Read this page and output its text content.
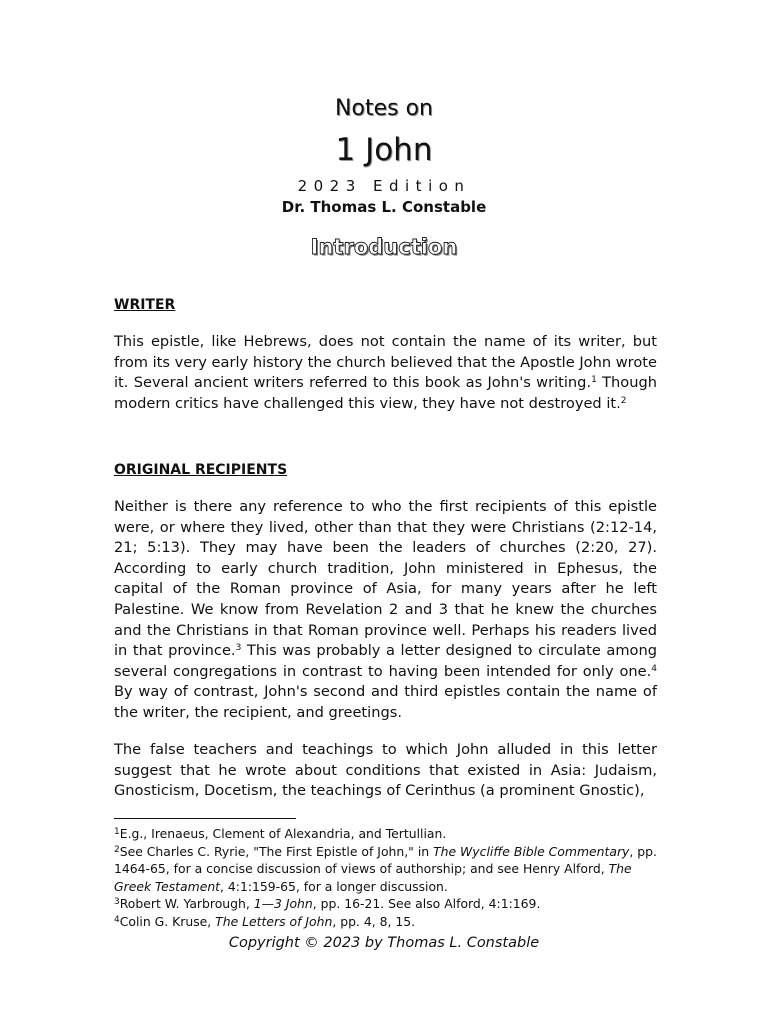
Notes on
1 John
2023 Edition
Dr. Thomas L. Constable
Introduction
WRITER

This epistle, like Hebrews, does not contain the name of its writer, but from its very early history the church believed that the Apostle John wrote it. Several ancient writers referred to this book as John's writing.$^1$ Though modern critics have challenged this view, they have not destroyed it.$^2$

ORIGINAL RECIPIENTS

Neither is there any reference to who the first recipients of this epistle were, or where they lived, other than that they were Christians (2:12-14, 21; 5:13). They may have been the leaders of churches (2:20, 27). According to early church tradition, John ministered in Ephesus, the capital of the Roman province of Asia, for many years after he left Palestine. We know from Revelation 2 and 3 that he knew the churches and the Christians in that Roman province well. Perhaps his readers lived in that province.$^3$ This was probably a letter designed to circulate among several congregations in contrast to having been intended for only one.$^4$ By way of contrast, John's second and third epistles contain the name of the writer, the recipient, and greetings.

The false teachers and teachings to which John alluded in this letter suggest that he wrote about conditions that existed in Asia: Judaism, Gnosticism, Docetism, the teachings of Cerinthus (a prominent Gnostic),

$^1$E.g., Irenaeus, Clement of Alexandria, and Tertullian.

$^2$See Charles C. Ryrie, "The First Epistle of John," in The Wycliffe Bible Commentary, pp. 1464-65, for a concise discussion of views of authorship; and see Henry Alford, The Greek Testament, 4:1:159-65, for a longer discussion.

$^3$Robert W. Yarbrough, 1—3 John, pp. 16-21. See also Alford, 4:1:169.

$^4$Colin G. Kruse, The Letters of John, pp. 4, 8, 15.

Copyright © 2023 by Thomas L. Constable
